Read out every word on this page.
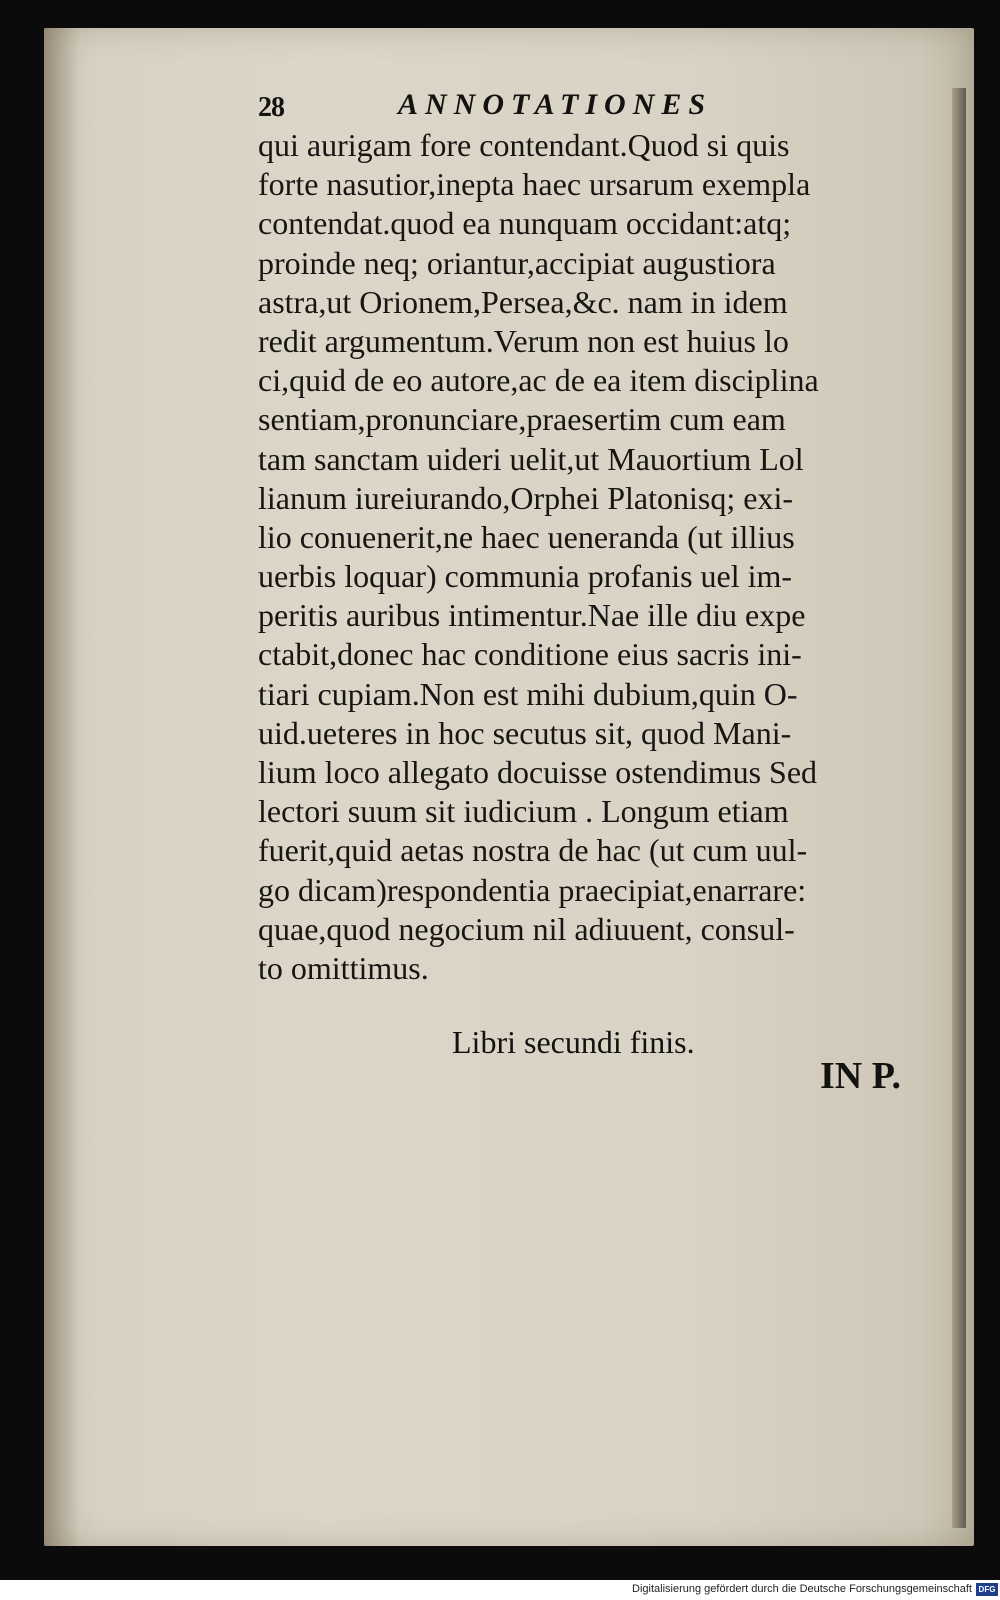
28	ANNOTATIONES
qui aurigam fore contendant.Quod si quis
forte nasutior,inepta haec ursarum exempla
contendat.quod ea nunquam occidant:atq;
proinde neq; oriantur,accipiat augustiora
astra,ut Orionem,Persea,&c. nam in idem
redit argumentum.Verum non est huius lo
ci,quid de eo autore,ac de ea item disciplina
sentiam,pronunciare,praesertim cum eam
tam sanctam uideri uelit,ut Mauortium Lol
lianum iureiurando,Orphei Platonisq; exi-
lio conuenerit,ne haec ueneranda (ut illius
uerbis loquar) communia profanis uel im-
peritis auribus intimentur.Nae ille diu expe
ctabit,donec hac conditione eius sacris ini-
tiari cupiam.Non est mihi dubium,quin O-
uid.ueteres in hoc secutus sit, quod Mani-
lium loco allegato docuisse ostendimus Sed
lectori suum sit iudicium . Longum etiam
fuerit,quid aetas nostra de hac (ut cum uul-
go dicam)respondentia praecipiat,enarrare:
quae,quod negocium nil adiuuent, consul-
to omittimus.
Libri secundi finis.
IN P.
Digitalisierung gefördert durch die Deutsche Forschungsgemeinschaft DFG
